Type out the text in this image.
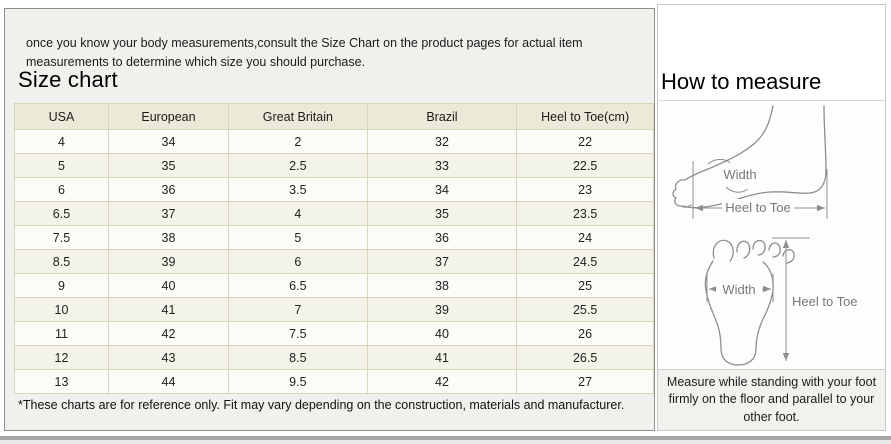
once you know your body measurements,consult the Size Chart on the product pages for actual item measurements to determine which size you should purchase.

Size chart
USA	European	Great Britain	Brazil	Heel to Toe(cm)
4	34	2	32	22
5	35	2.5	33	22.5
6	36	3.5	34	23
6.5	37	4	35	23.5
7.5	38	5	36	24
8.5	39	6	37	24.5
9	40	6.5	38	25
10	41	7	39	25.5
11	42	7.5	40	26
12	43	8.5	41	26.5
13	44	9.5	42	27
*These charts are for reference only. Fit may vary depending on the construction, materials and manufacturer.
How to measure
Width
Heel to Toe
Width
Heel to Toe
Measure while standing with your foot firmly on the floor and parallel to your other foot.
